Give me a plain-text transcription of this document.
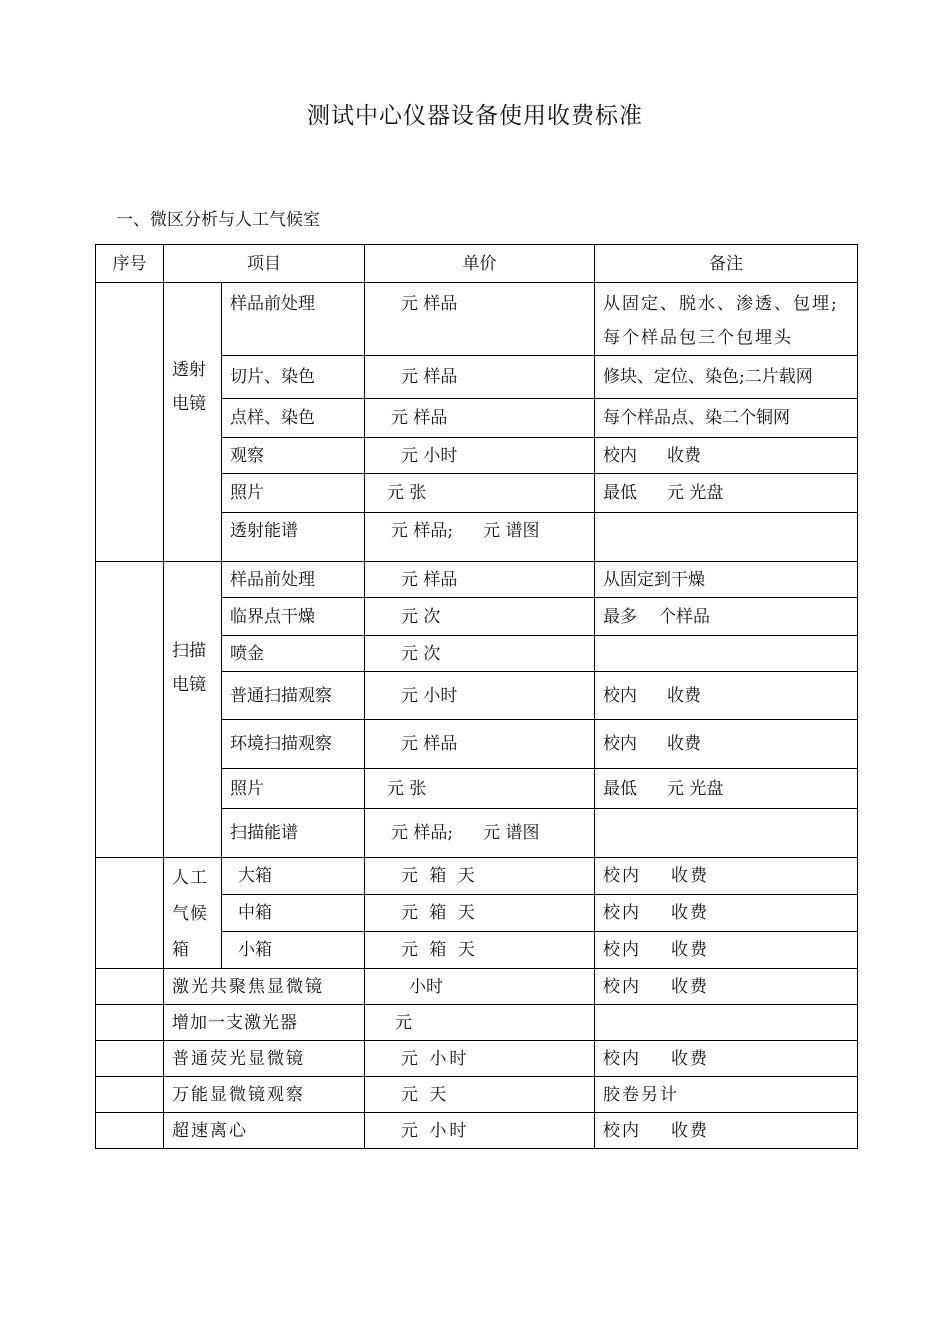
测试中心仪器设备使用收费标准
一、微区分析与人工气候室
序号	项目		单价	备注
	透射电镜	样品前处理	元 样品	从固定、脱水、渗透、包埋;
每个样品包三个包埋头
		切片、染色	元 样品	修块、定位、染色;二片载网
		点样、染色	元 样品	每个样品点、染二个铜网
		观察	元 小时	校内 收费
		照片	元 张	最低 元 光盘
		透射能谱	元 样品; 元 谱图	
	扫描电镜	样品前处理	元 样品	从固定到干燥
		临界点干燥	元 次	最多 个样品
		喷金	元 次	
		普通扫描观察	元 小时	校内 收费
		环境扫描观察	元 样品	校内 收费
		照片	元 张	最低 元 光盘
		扫描能谱	元 样品; 元 谱图	
	人工气候箱	大箱	元 箱 天	校内 收费
		中箱	元 箱 天	校内 收费
		小箱	元 箱 天	校内 收费
	激光共聚焦显微镜		小时	校内 收费
	增加一支激光器		元	
	普通荧光显微镜		元 小时	校内 收费
	万能显微镜观察		元 天	胶卷另计
	超速离心		元 小时	校内 收费
